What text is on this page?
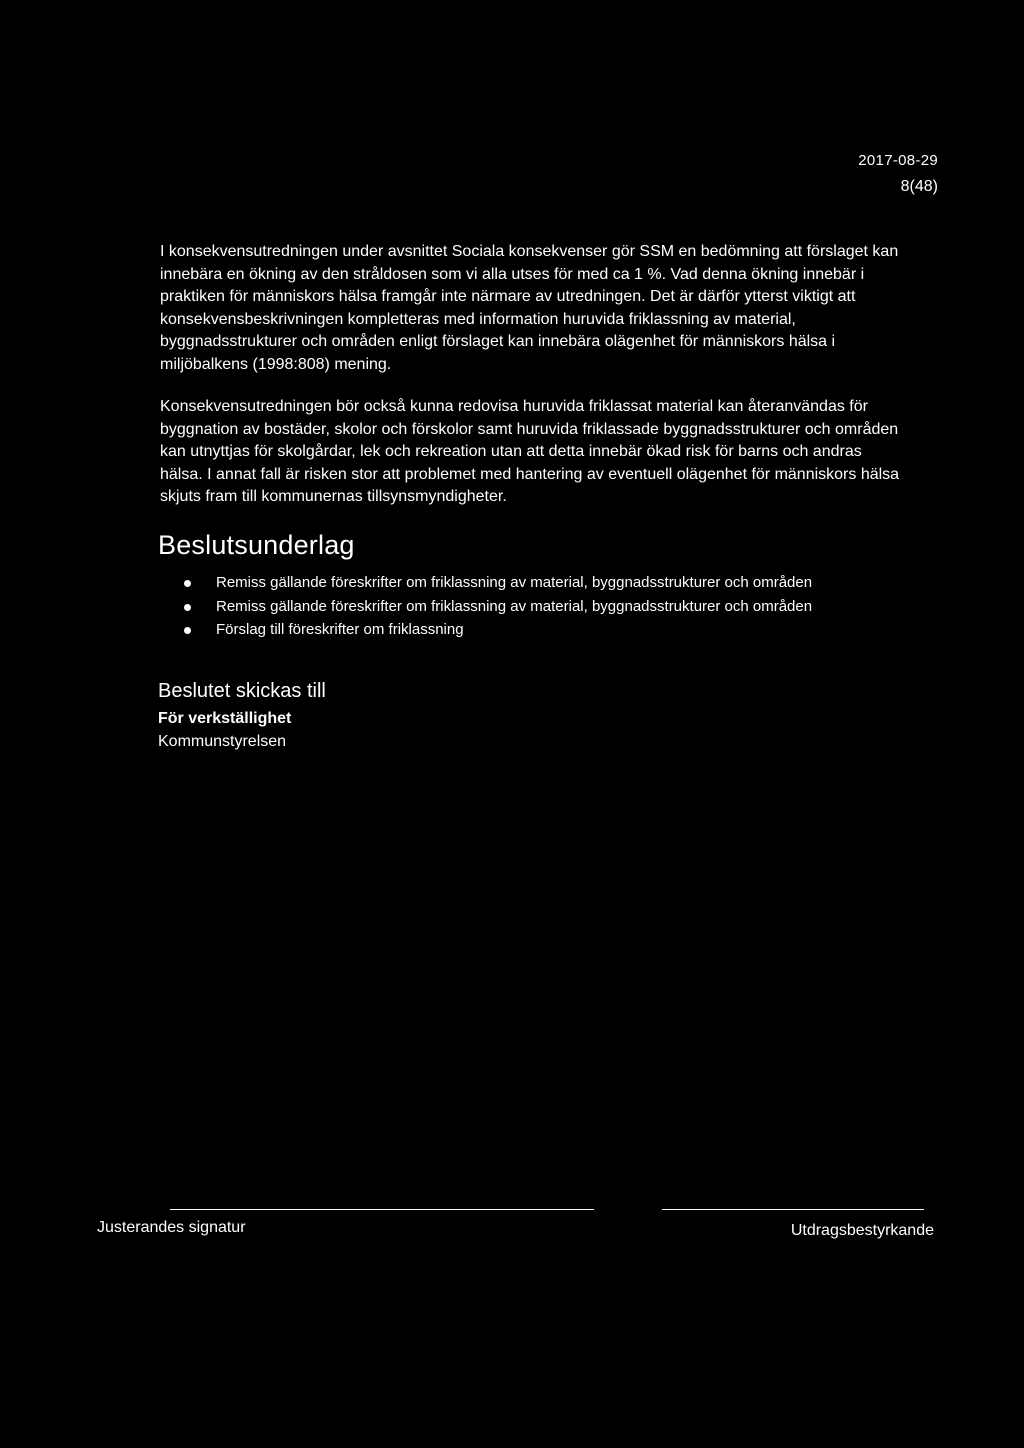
2017-08-29
8(48)

I konsekvensutredningen under avsnittet Sociala konsekvenser gör SSM en bedömning att förslaget kan innebära en ökning av den stråldosen som vi alla utses för med ca 1 %. Vad denna ökning innebär i praktiken för människors hälsa framgår inte närmare av utredningen. Det är därför ytterst viktigt att konsekvensbeskrivningen kompletteras med information huruvida friklassning av material, byggnadsstrukturer och områden enligt förslaget kan innebära olägenhet för människors hälsa i miljöbalkens (1998:808) mening.

Konsekvensutredningen bör också kunna redovisa huruvida friklassat material kan återanvändas för byggnation av bostäder, skolor och förskolor samt huruvida friklassade byggnadsstrukturer och områden kan utnyttjas för skolgårdar, lek och rekreation utan att detta innebär ökad risk för barns och andras hälsa. I annat fall är risken stor att problemet med hantering av eventuell olägenhet för människors hälsa skjuts fram till kommunernas tillsynsmyndigheter.

Beslutsunderlag
Remiss gällande föreskrifter om friklassning av material, byggnadsstrukturer och områden
Remiss gällande föreskrifter om friklassning av material, byggnadsstrukturer och områden
Förslag till föreskrifter om friklassning
Beslutet skickas till
För verkställighet
Kommunstyrelsen
Justerandes signatur	Utdragsbestyrkande
